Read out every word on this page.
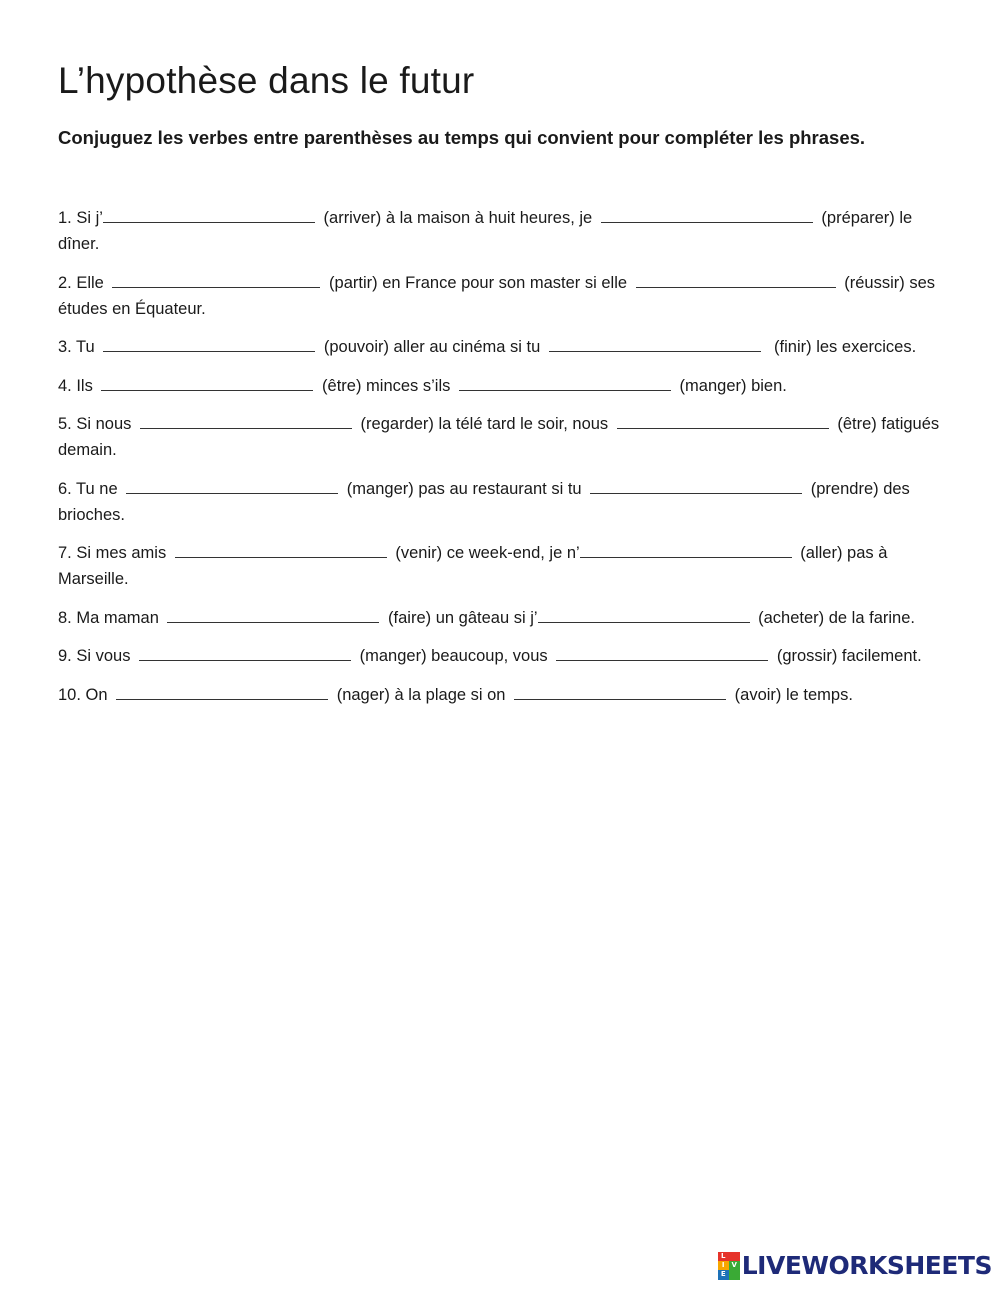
L’hypothèse dans le futur
Conjuguez les verbes entre parenthèses au temps qui convient pour compléter les phrases.
1. Si j’	(arriver) à la maison à huit heures, je	(préparer) le dîner.
2. Elle	(partir) en France pour son master si elle	(réussir) ses études en Équateur.
3. Tu	(pouvoir) aller au cinéma si tu	(finir) les exercices.
4. Ils	(être) minces s’ils	(manger) bien.
5. Si nous	(regarder) la télé tard le soir, nous	(être) fatigués demain.
6. Tu ne	(manger) pas au restaurant si tu	(prendre) des brioches.
7. Si mes amis	(venir) ce week-end, je n’	(aller) pas à Marseille.
8. Ma maman	(faire) un gâteau si j’	(acheter) de la farine.
9. Si vous	(manger) beaucoup, vous	(grossir) facilement.
10. On	(nager) à la plage si on	(avoir) le temps.
L
I V
E LIVEWORKSHEETS
